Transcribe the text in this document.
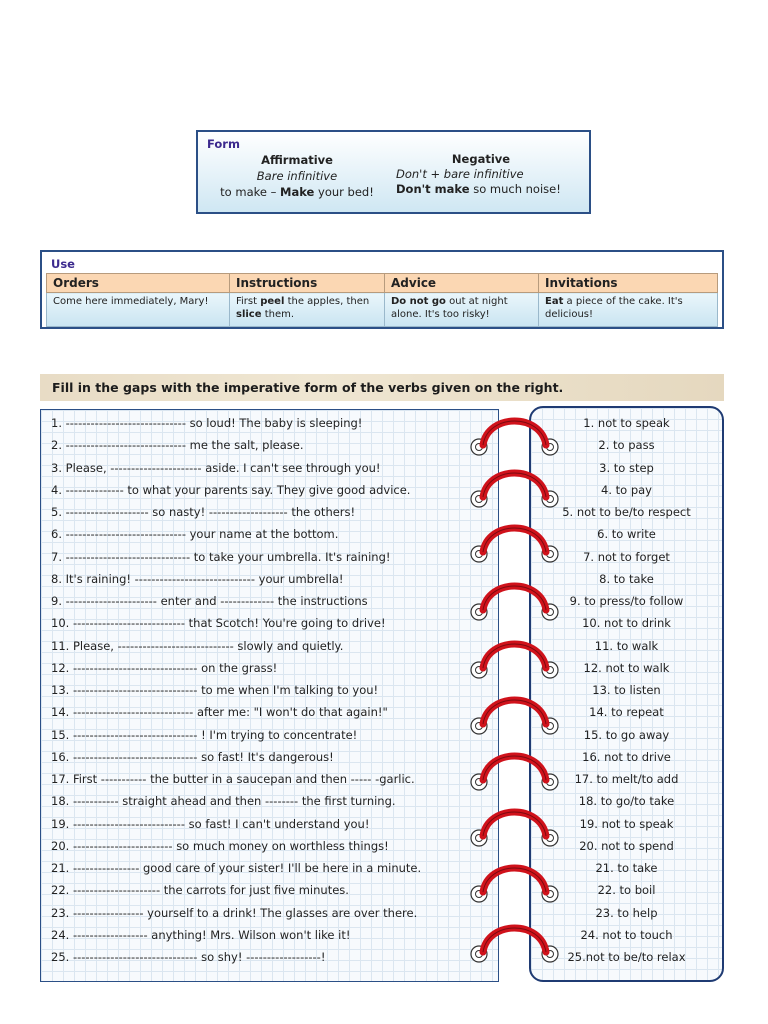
Form
Affirmative
Bare infinitive
to make – Make your bed!
Negative
Don't + bare infinitive
Don't make so much noise!
Use
Orders	Instructions	Advice	Invitations
Come here immediately, Mary!	First peel the apples, then slice them.	Do not go out at night alone. It's too risky!	Eat a piece of the cake. It's delicious!
Fill in the gaps with the imperative form of the verbs given on the right.
1. ----------------------------- so loud! The baby is sleeping!
2. ----------------------------- me the salt, please.
3. Please, ---------------------- aside. I can't see through you!
4. -------------- to what your parents say. They give good advice.
5. -------------------- so nasty! ------------------- the others!
6. ----------------------------- your name at the bottom.
7. ------------------------------ to take your umbrella. It's raining!
8. It's raining! ----------------------------- your umbrella!
9. ---------------------- enter and ------------- the instructions
10. --------------------------- that Scotch! You're going to drive!
11. Please, ---------------------------- slowly and quietly.
12. ------------------------------ on the grass!
13. ------------------------------ to me when I'm talking to you!
14. ----------------------------- after me: "I won't do that again!"
15. ------------------------------ ! I'm trying to concentrate!
16. ------------------------------ so fast! It's dangerous!
17. First ----------- the butter in a saucepan and then ----- -garlic.
18. ----------- straight ahead and then -------- the first turning.
19. --------------------------- so fast! I can't understand you!
20. ------------------------ so much money on worthless things!
21. ---------------- good care of your sister! I'll be here in a minute.
22. --------------------- the carrots for just five minutes.
23. ----------------- yourself to a drink! The glasses are over there.
24. ------------------ anything! Mrs. Wilson won't like it!
25. ------------------------------ so shy! ------------------!
1. not to speak
2. to pass
3. to step
4. to pay
5. not to be/to respect
6. to write
7. not to forget
8. to take
9. to press/to follow
10. not to drink
11. to walk
12. not to walk
13. to listen
14. to repeat
15. to go away
16. not to drive
17. to melt/to add
18. to go/to take
19. not to speak
20. not to spend
21. to take
22. to boil
23. to help
24. not to touch
25.not to be/to relax
